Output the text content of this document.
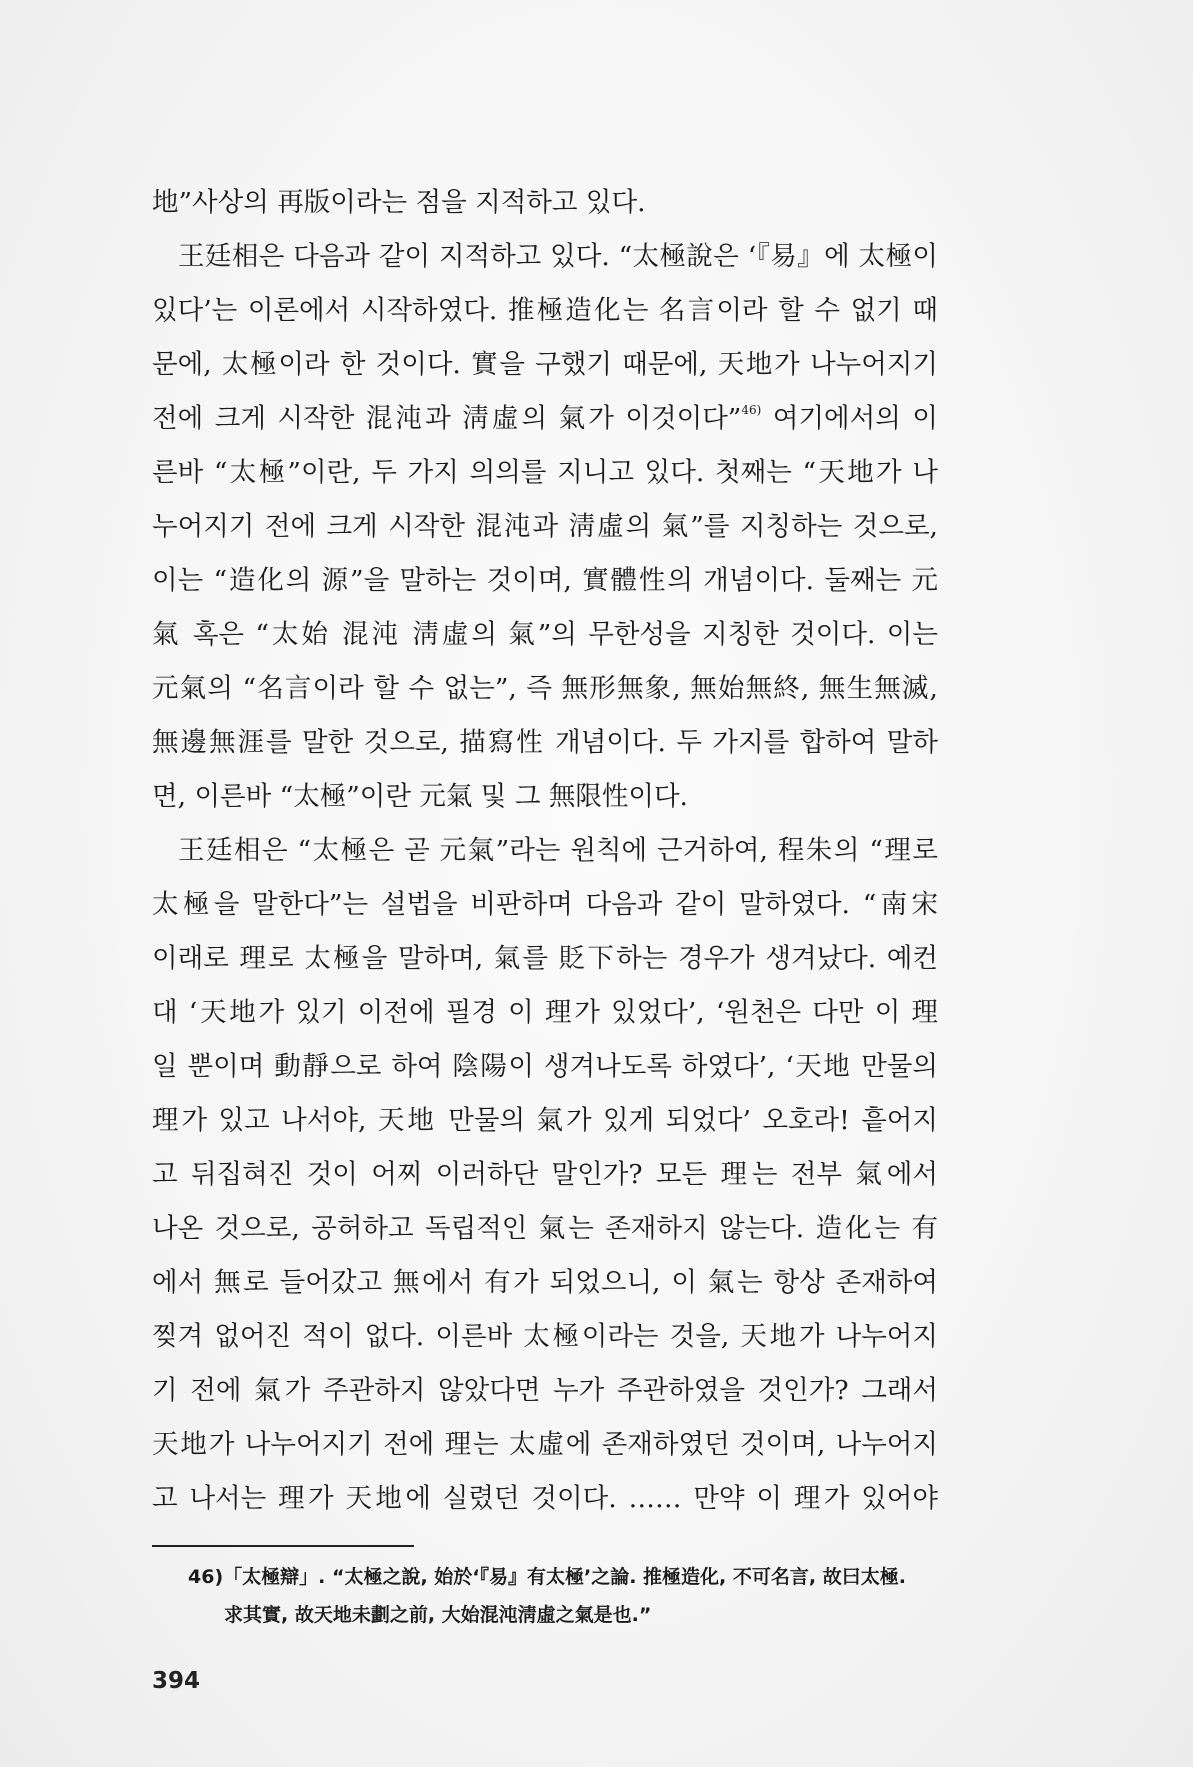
地”사상의 再版이라는 점을 지적하고 있다.
王廷相은 다음과 같이 지적하고 있다. “太極說은 ‘『易』에 太極이
있다’는 이론에서 시작하였다. 推極造化는 名言이라 할 수 없기 때
문에, 太極이라 한 것이다. 實을 구했기 때문에, 天地가 나누어지기
전에 크게 시작한 混沌과 淸虛의 氣가 이것이다”$^{46)}$ 여기에서의 이
른바 “太極”이란, 두 가지 의의를 지니고 있다. 첫째는 “天地가 나
누어지기 전에 크게 시작한 混沌과 淸虛의 氣”를 지칭하는 것으로,
이는 “造化의 源”을 말하는 것이며, 實體性의 개념이다. 둘째는 元
氣 혹은 “太始 混沌 淸虛의 氣”의 무한성을 지칭한 것이다. 이는
元氣의 “名言이라 할 수 없는”, 즉 無形無象, 無始無終, 無生無滅,
無邊無涯를 말한 것으로, 描寫性 개념이다. 두 가지를 합하여 말하
면, 이른바 “太極”이란 元氣 및 그 無限性이다.
王廷相은 “太極은 곧 元氣”라는 원칙에 근거하여, 程朱의 “理로
太極을 말한다”는 설법을 비판하며 다음과 같이 말하였다. “南宋
이래로 理로 太極을 말하며, 氣를 貶下하는 경우가 생겨났다. 예컨
대 ‘天地가 있기 이전에 필경 이 理가 있었다’, ‘원천은 다만 이 理
일 뿐이며 動靜으로 하여 陰陽이 생겨나도록 하였다’, ‘天地 만물의
理가 있고 나서야, 天地 만물의 氣가 있게 되었다’ 오호라! 흩어지
고 뒤집혀진 것이 어찌 이러하단 말인가? 모든 理는 전부 氣에서
나온 것으로, 공허하고 독립적인 氣는 존재하지 않는다. 造化는 有
에서 無로 들어갔고 無에서 有가 되었으니, 이 氣는 항상 존재하여
찢겨 없어진 적이 없다. 이른바 太極이라는 것을, 天地가 나누어지
기 전에 氣가 주관하지 않았다면 누가 주관하였을 것인가? 그래서
天地가 나누어지기 전에 理는 太虛에 존재하였던 것이며, 나누어지
고 나서는 理가 天地에 실렸던 것이다. …… 만약 이 理가 있어야
46)「太極辯」. “太極之說, 始於‘『易』有太極’之論. 推極造化, 不可名言, 故曰太極.
求其實, 故天地未劃之前, 大始混沌淸虛之氣是也.”
394
